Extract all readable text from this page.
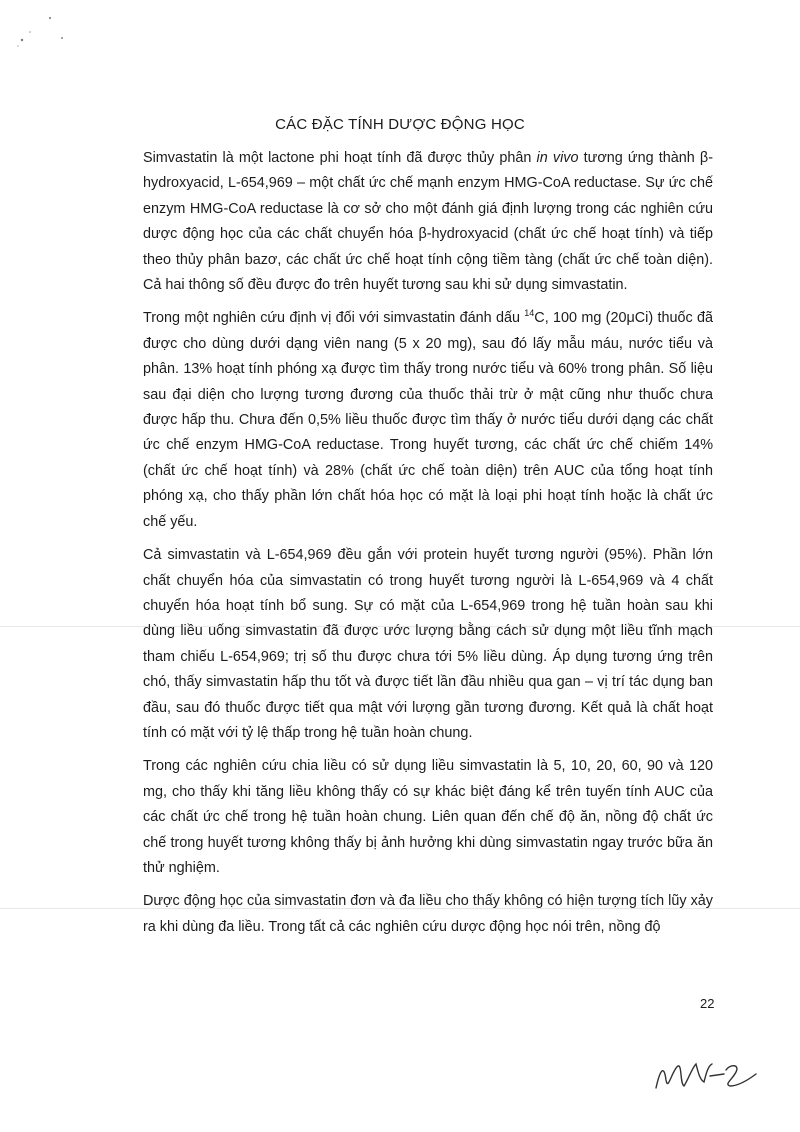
CÁC ĐẶC TÍNH DƯỢC ĐỘNG HỌC

Simvastatin là một lactone phi hoạt tính đã được thủy phân in vivo tương ứng thành β-hydroxyacid, L-654,969 – một chất ức chế mạnh enzym HMG-CoA reductase. Sự ức chế enzym HMG-CoA reductase là cơ sở cho một đánh giá định lượng trong các nghiên cứu dược động học của các chất chuyển hóa β-hydroxyacid (chất ức chế hoạt tính) và tiếp theo thủy phân bazơ, các chất ức chế hoạt tính cộng tiềm tàng (chất ức chế toàn diện). Cả hai thông số đều được đo trên huyết tương sau khi sử dụng simvastatin.

Trong một nghiên cứu định vị đối với simvastatin đánh dấu $^{14}$C, 100 mg (20μCi) thuốc đã được cho dùng dưới dạng viên nang (5 x 20 mg), sau đó lấy mẫu máu, nước tiểu và phân. 13% hoạt tính phóng xạ được tìm thấy trong nước tiểu và 60% trong phân. Số liệu sau đại diện cho lượng tương đương của thuốc thải trừ ở mật cũng như thuốc chưa được hấp thu. Chưa đến 0,5% liều thuốc được tìm thấy ở nước tiểu dưới dạng các chất ức chế enzym HMG-CoA reductase. Trong huyết tương, các chất ức chế chiếm 14% (chất ức chế hoạt tính) và 28% (chất ức chế toàn diện) trên AUC của tổng hoạt tính phóng xạ, cho thấy phần lớn chất hóa học có mặt là loại phi hoạt tính hoặc là chất ức chế yếu.

Cả simvastatin và L-654,969 đều gắn với protein huyết tương người (95%). Phần lớn chất chuyển hóa của simvastatin có trong huyết tương người là L-654,969 và 4 chất chuyển hóa hoạt tính bổ sung. Sự có mặt của L-654,969 trong hệ tuần hoàn sau khi dùng liều uống simvastatin đã được ước lượng bằng cách sử dụng một liều tĩnh mạch tham chiếu L-654,969; trị số thu được chưa tới 5% liều dùng. Áp dụng tương ứng trên chó, thấy simvastatin hấp thu tốt và được tiết lần đầu nhiều qua gan – vị trí tác dụng ban đầu, sau đó thuốc được tiết qua mật với lượng gần tương đương. Kết quả là chất hoạt tính có mặt với tỷ lệ thấp trong hệ tuần hoàn chung.

Trong các nghiên cứu chia liều có sử dụng liều simvastatin là 5, 10, 20, 60, 90 và 120 mg, cho thấy khi tăng liều không thấy có sự khác biệt đáng kể trên tuyến tính AUC của các chất ức chế trong hệ tuần hoàn chung. Liên quan đến chế độ ăn, nồng độ chất ức chế trong huyết tương không thấy bị ảnh hưởng khi dùng simvastatin ngay trước bữa ăn thử nghiệm.

Dược động học của simvastatin đơn và đa liều cho thấy không có hiện tượng tích lũy xảy ra khi dùng đa liều. Trong tất cả các nghiên cứu dược động học nói trên, nồng độ

22
